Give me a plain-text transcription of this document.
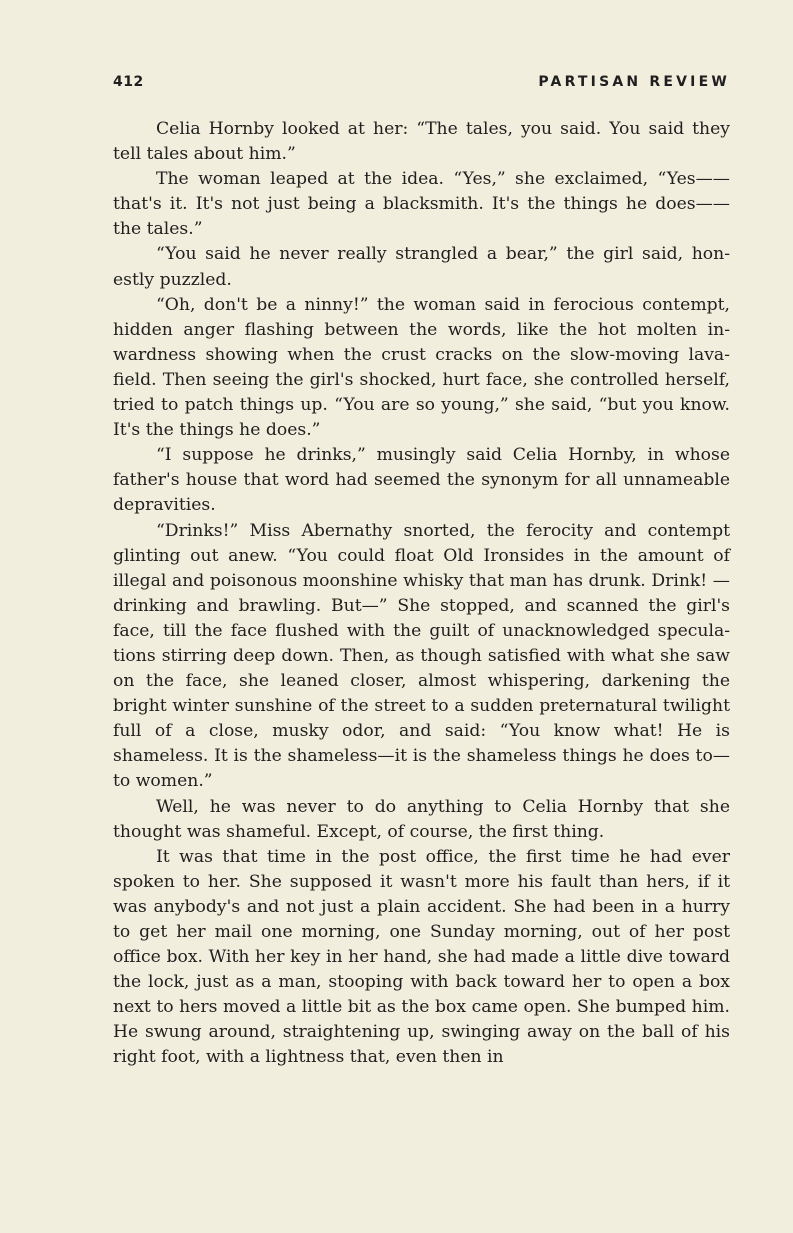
412	PARTISAN REVIEW

Celia Hornby looked at her: “The tales, you said. You said they tell tales about him.”

The woman leaped at the idea. “Yes,” she exclaimed, “Yes—— that's it. It's not just being a blacksmith. It's the things he does—— the tales.”

“You said he never really strangled a bear,” the girl said, honestly puzzled.

“Oh, don't be a ninny!” the woman said in ferocious contempt, hidden anger flashing between the words, like the hot molten inwardness showing when the crust cracks on the slow-moving lava-field. Then seeing the girl's shocked, hurt face, she controlled herself, tried to patch things up. “You are so young,” she said, “but you know. It's the things he does.”

“I suppose he drinks,” musingly said Celia Hornby, in whose father's house that word had seemed the synonym for all unnameable depravities.

“Drinks!” Miss Abernathy snorted, the ferocity and contempt glinting out anew. “You could float Old Ironsides in the amount of illegal and poisonous moonshine whisky that man has drunk. Drink! —drinking and brawling. But—” She stopped, and scanned the girl's face, till the face flushed with the guilt of unacknowledged speculations stirring deep down. Then, as though satisfied with what she saw on the face, she leaned closer, almost whispering, darkening the bright winter sunshine of the street to a sudden preternatural twilight full of a close, musky odor, and said: “You know what! He is shameless. It is the shameless—it is the shameless things he does to—to women.”

Well, he was never to do anything to Celia Hornby that she thought was shameful. Except, of course, the first thing.

It was that time in the post office, the first time he had ever spoken to her. She supposed it wasn't more his fault than hers, if it was anybody's and not just a plain accident. She had been in a hurry to get her mail one morning, one Sunday morning, out of her post office box. With her key in her hand, she had made a little dive toward the lock, just as a man, stooping with back toward her to open a box next to hers moved a little bit as the box came open. She bumped him. He swung around, straightening up, swinging away on the ball of his right foot, with a lightness that, even then in
